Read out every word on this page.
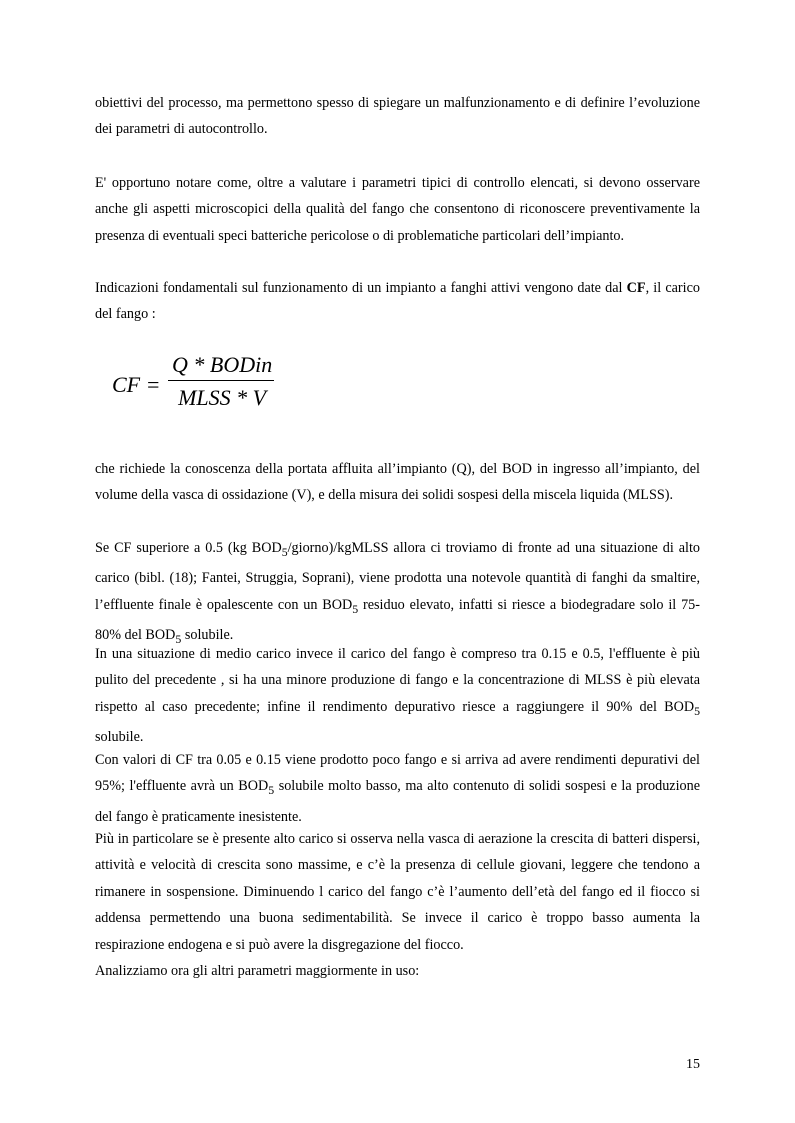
obiettivi del processo, ma permettono spesso di spiegare un malfunzionamento e di definire l’evoluzione dei parametri di autocontrollo.

E' opportuno notare come, oltre a valutare i parametri tipici di controllo elencati, si devono osservare anche gli aspetti microscopici della qualità del fango che consentono di riconoscere preventivamente la presenza di eventuali speci batteriche pericolose o di problematiche particolari dell’impianto.

Indicazioni fondamentali sul funzionamento di un impianto a fanghi attivi vengono date dal CF, il carico del fango :

CF =
Q * BODin
MLSS * V

che richiede la conoscenza della portata affluita all’impianto (Q), del BOD in ingresso all’impianto, del volume della vasca di ossidazione (V), e della misura dei solidi sospesi della miscela liquida (MLSS).

Se CF superiore a 0.5 (kg $BOD_5/giorno$)/kgMLSS allora ci troviamo di fronte ad una situazione di alto carico (bibl. (18); Fantei, Struggia, Soprani), viene prodotta una notevole quantità di fanghi da smaltire, l’effluente finale è opalescente con un $BOD_5$ residuo elevato, infatti si riesce a biodegradare solo il 75-80% del $BOD_5$ solubile.

In una situazione di medio carico invece il carico del fango è compreso tra 0.15 e 0.5, l'effluente è più pulito del precedente , si ha una minore produzione di fango e la concentrazione di MLSS è più elevata rispetto al caso precedente; infine il rendimento depurativo riesce a raggiungere il 90% del $BOD_5$ solubile.

Con valori di CF tra 0.05 e 0.15 viene prodotto poco fango e si arriva ad avere rendimenti depurativi del 95%; l'effluente avrà un $BOD_5$ solubile molto basso, ma alto contenuto di solidi sospesi e la produzione del fango è praticamente inesistente.

Più in particolare se è presente alto carico si osserva nella vasca di aerazione la crescita di batteri dispersi, attività e velocità di crescita sono massime, e c’è la presenza di cellule giovani, leggere che tendono a rimanere in sospensione. Diminuendo l carico del fango c’è l’aumento dell’età del fango ed il fiocco si addensa permettendo una buona sedimentabilità. Se invece il carico è troppo basso aumenta la respirazione endogena e si può avere la disgregazione del fiocco.

Analizziamo ora gli altri parametri maggiormente in uso:

15
